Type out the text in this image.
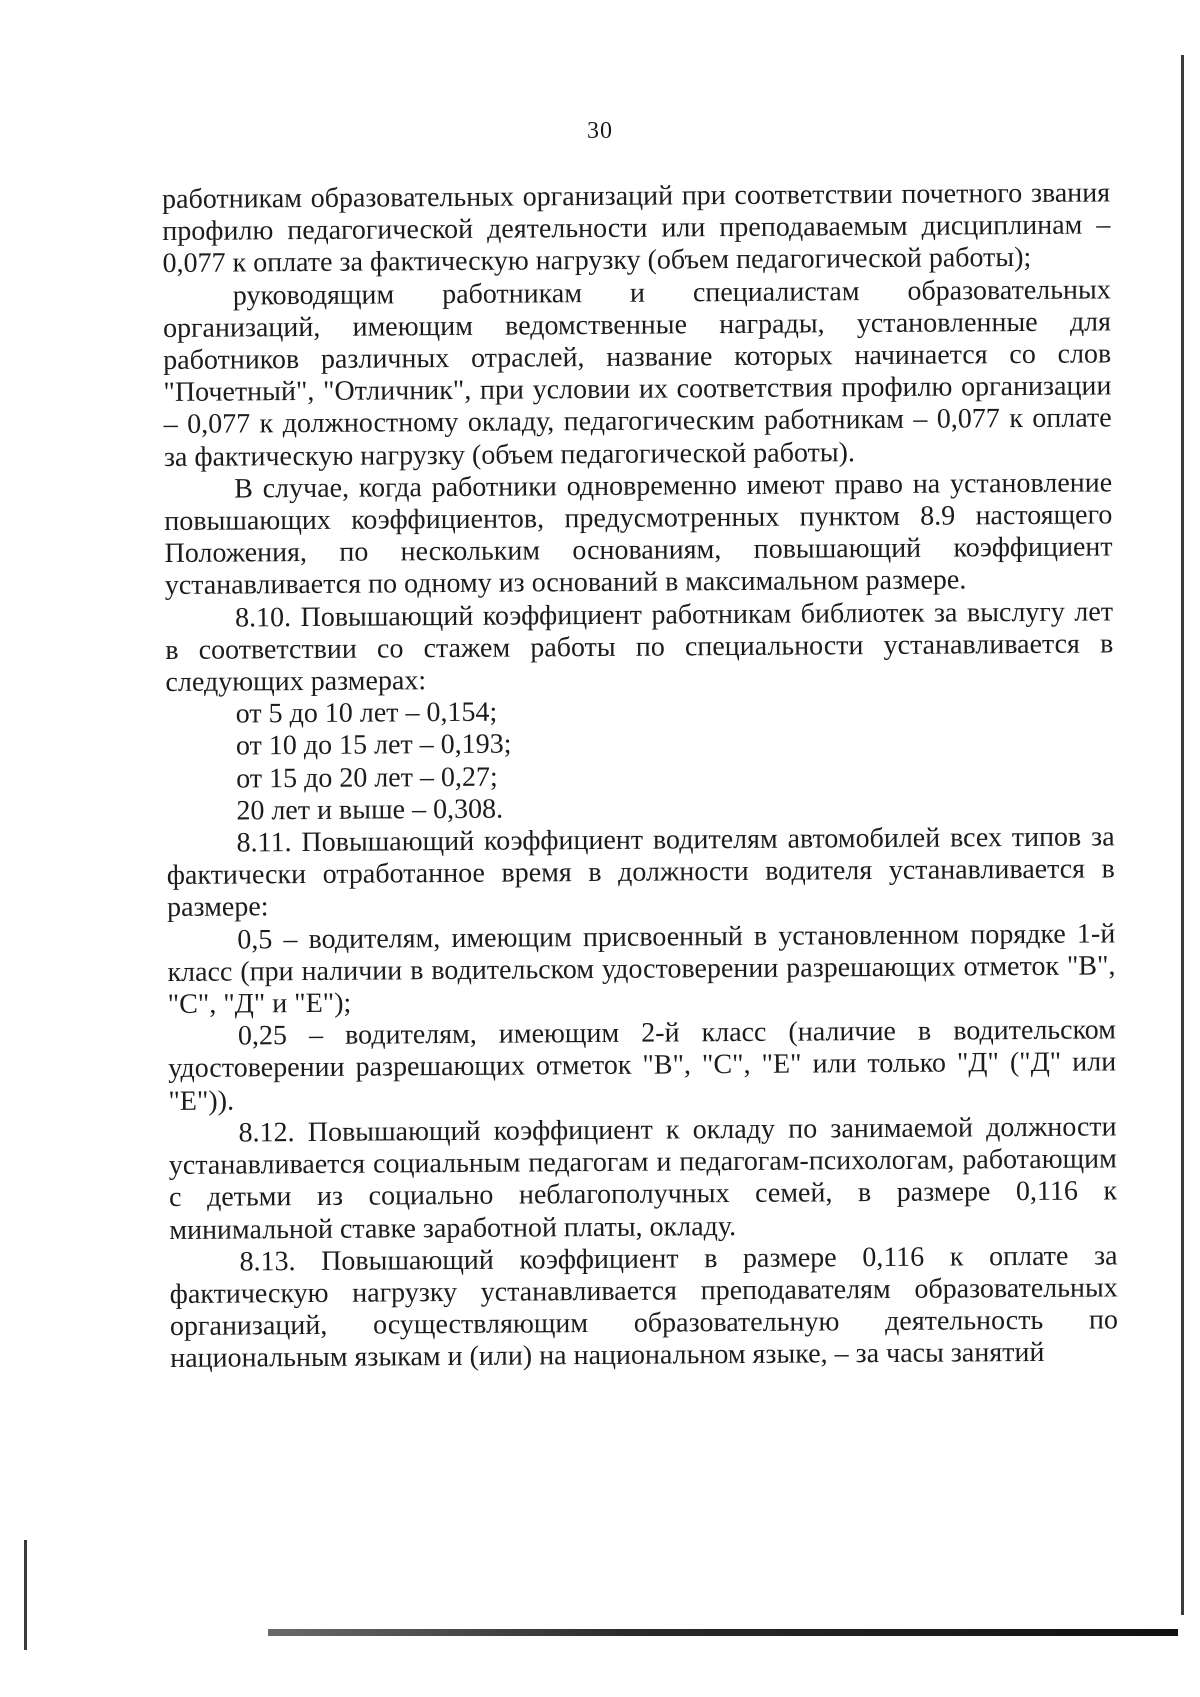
30

работникам образовательных организаций при соответствии почетного звания профилю педагогической деятельности или преподаваемым дисциплинам – 0,077 к оплате за фактическую нагрузку (объем педагогической работы);

руководящим работникам и специалистам образовательных организаций, имеющим ведомственные награды, установленные для работников различных отраслей, название которых начинается со слов "Почетный", "Отличник", при условии их соответствия профилю организации – 0,077 к должностному окладу, педагогическим работникам – 0,077 к оплате за фактическую нагрузку (объем педагогической работы).

В случае, когда работники одновременно имеют право на установление повышающих коэффициентов, предусмотренных пунктом 8.9 настоящего Положения, по нескольким основаниям, повышающий коэффициент устанавливается по одному из оснований в максимальном размере.

8.10. Повышающий коэффициент работникам библиотек за выслугу лет в соответствии со стажем работы по специальности устанавливается в следующих размерах:

от 5 до 10 лет – 0,154;

от 10 до 15 лет – 0,193;

от 15 до 20 лет – 0,27;

20 лет и выше – 0,308.

8.11. Повышающий коэффициент водителям автомобилей всех типов за фактически отработанное время в должности водителя устанавливается в размере:

0,5 – водителям, имеющим присвоенный в установленном порядке 1-й класс (при наличии в водительском удостоверении разрешающих отметок "В", "С", "Д" и "Е");

0,25 – водителям, имеющим 2-й класс (наличие в водительском удостоверении разрешающих отметок "В", "С", "Е" или только "Д" ("Д" или "Е")).

8.12. Повышающий коэффициент к окладу по занимаемой должности устанавливается социальным педагогам и педагогам-психологам, работающим с детьми из социально неблагополучных семей, в размере 0,116 к минимальной ставке заработной платы, окладу.

8.13. Повышающий коэффициент в размере 0,116 к оплате за фактическую нагрузку устанавливается преподавателям образовательных организаций, осуществляющим образовательную деятельность по национальным языкам и (или) на национальном языке, – за часы занятий
